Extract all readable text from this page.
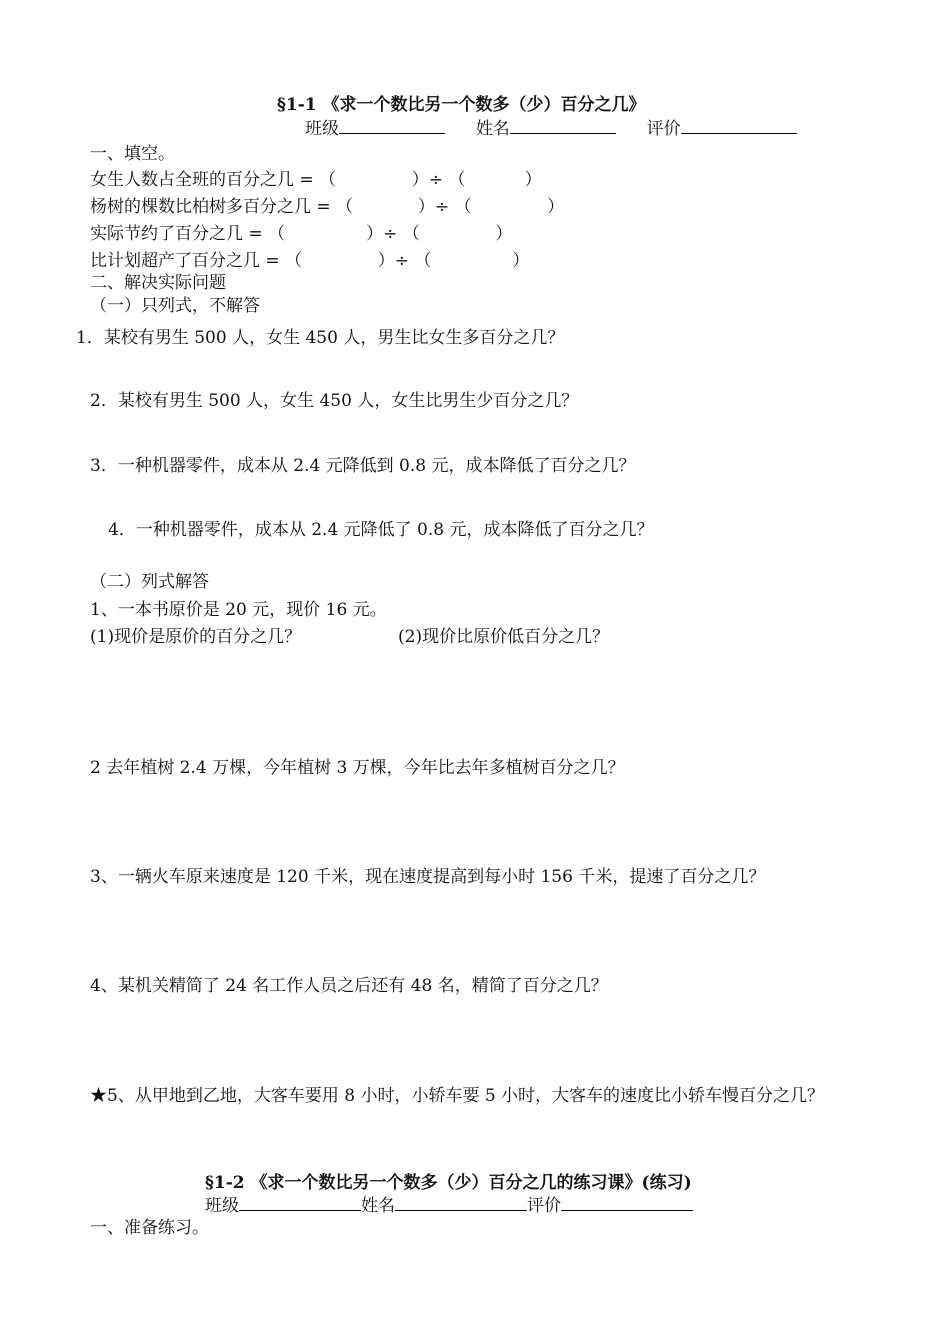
§1-1 《求一个数比另一个数多（少）百分之几》
班级	姓名	评价
一、填空。
女生人数占全班的百分之几 = （              ）÷ （           ）
杨树的棵数比柏树多百分之几 = （            ）÷ （              ）
实际节约了百分之几 = （               ）÷ （              ）
比计划超产了百分之几 = （              ）÷ （               ）
二、解决实际问题
（一）只列式，不解答
1．某校有男生 500 人，女生 450 人，男生比女生多百分之几？
2．某校有男生 500 人，女生 450 人，女生比男生少百分之几？
3．一种机器零件，成本从 2.4 元降低到 0.8 元，成本降低了百分之几？
4．一种机器零件，成本从 2.4 元降低了 0.8 元，成本降低了百分之几？
（二）列式解答
1、一本书原价是 20 元，现价 16 元。
(1)现价是原价的百分之几？	(2)现价比原价低百分之几？
2 去年植树 2.4 万棵，今年植树 3 万棵，今年比去年多植树百分之几？
3、一辆火车原来速度是 120 千米，现在速度提高到每小时 156 千米，提速了百分之几？
4、某机关精简了 24 名工作人员之后还有 48 名，精简了百分之几？
★5、从甲地到乙地，大客车要用 8 小时，小轿车要 5 小时，大客车的速度比小轿车慢百分之几？
§1-2 《求一个数比另一个数多（少）百分之几的练习课》(练习)
班级	姓名	评价
一、准备练习。
